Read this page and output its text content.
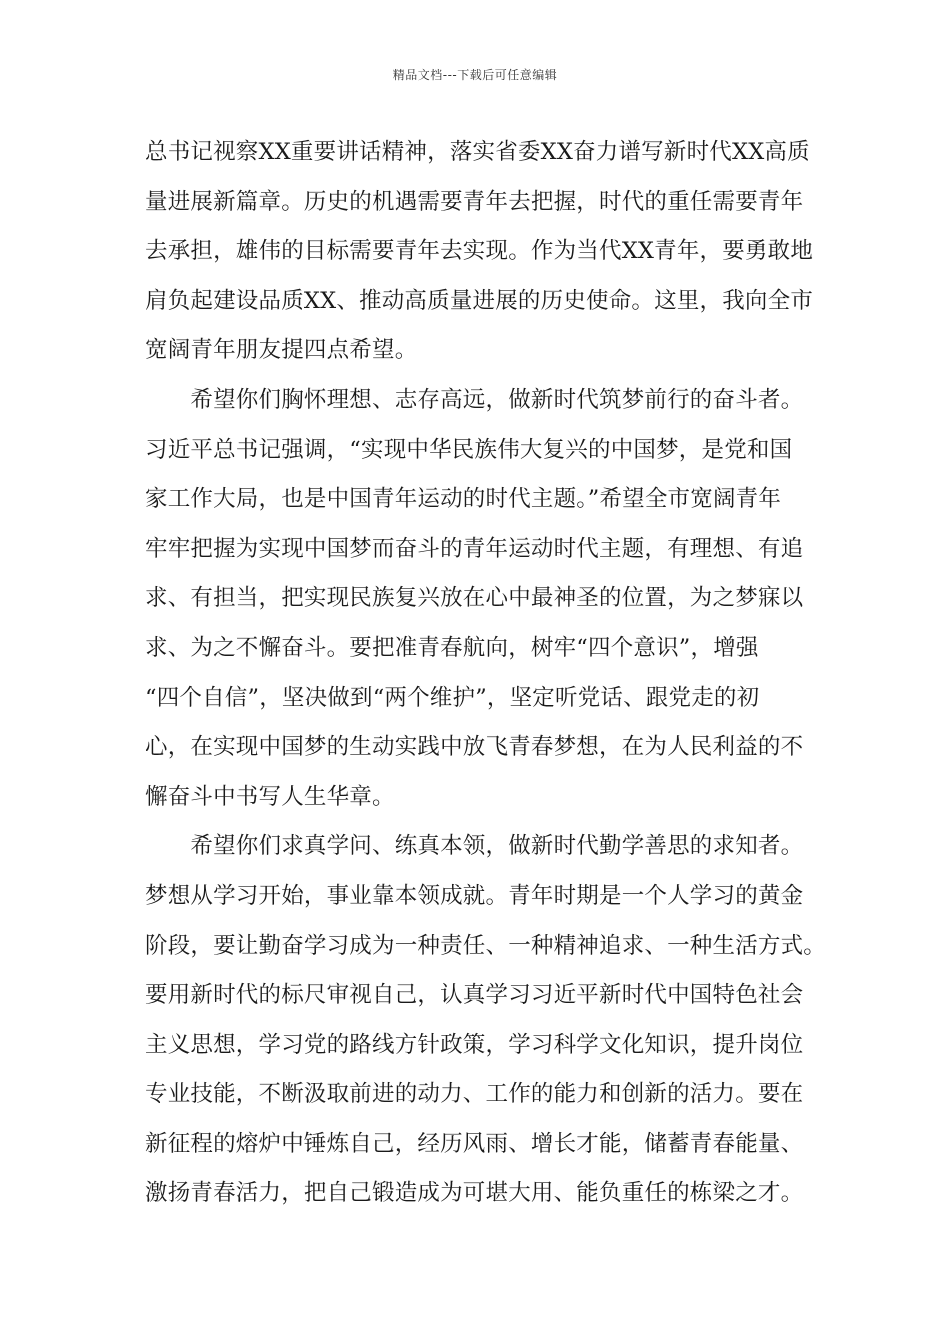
精品文档---下载后可任意编辑
总书记视察XX重要讲话精神，落实省委XX奋力谱写新时代XX高质
量进展新篇章。历史的机遇需要青年去把握，时代的重任需要青年
去承担，雄伟的目标需要青年去实现。作为当代XX青年，要勇敢地
肩负起建设品质XX、推动高质量进展的历史使命。这里，我向全市
宽阔青年朋友提四点希望。
　　希望你们胸怀理想、志存高远，做新时代筑梦前行的奋斗者。
习近平总书记强调，“实现中华民族伟大复兴的中国梦，是党和国
家工作大局，也是中国青年运动的时代主题。”希望全市宽阔青年
牢牢把握为实现中国梦而奋斗的青年运动时代主题，有理想、有追
求、有担当，把实现民族复兴放在心中最神圣的位置，为之梦寐以
求、为之不懈奋斗。要把准青春航向，树牢“四个意识”，增强
“四个自信”，坚决做到“两个维护”，坚定听党话、跟党走的初
心，在实现中国梦的生动实践中放飞青春梦想，在为人民利益的不
懈奋斗中书写人生华章。
　　希望你们求真学问、练真本领，做新时代勤学善思的求知者。
梦想从学习开始，事业靠本领成就。青年时期是一个人学习的黄金
阶段，要让勤奋学习成为一种责任、一种精神追求、一种生活方式。
要用新时代的标尺审视自己，认真学习习近平新时代中国特色社会
主义思想，学习党的路线方针政策，学习科学文化知识，提升岗位
专业技能，不断汲取前进的动力、工作的能力和创新的活力。要在
新征程的熔炉中锤炼自己，经历风雨、增长才能，储蓄青春能量、
激扬青春活力，把自己锻造成为可堪大用、能负重任的栋梁之才。
